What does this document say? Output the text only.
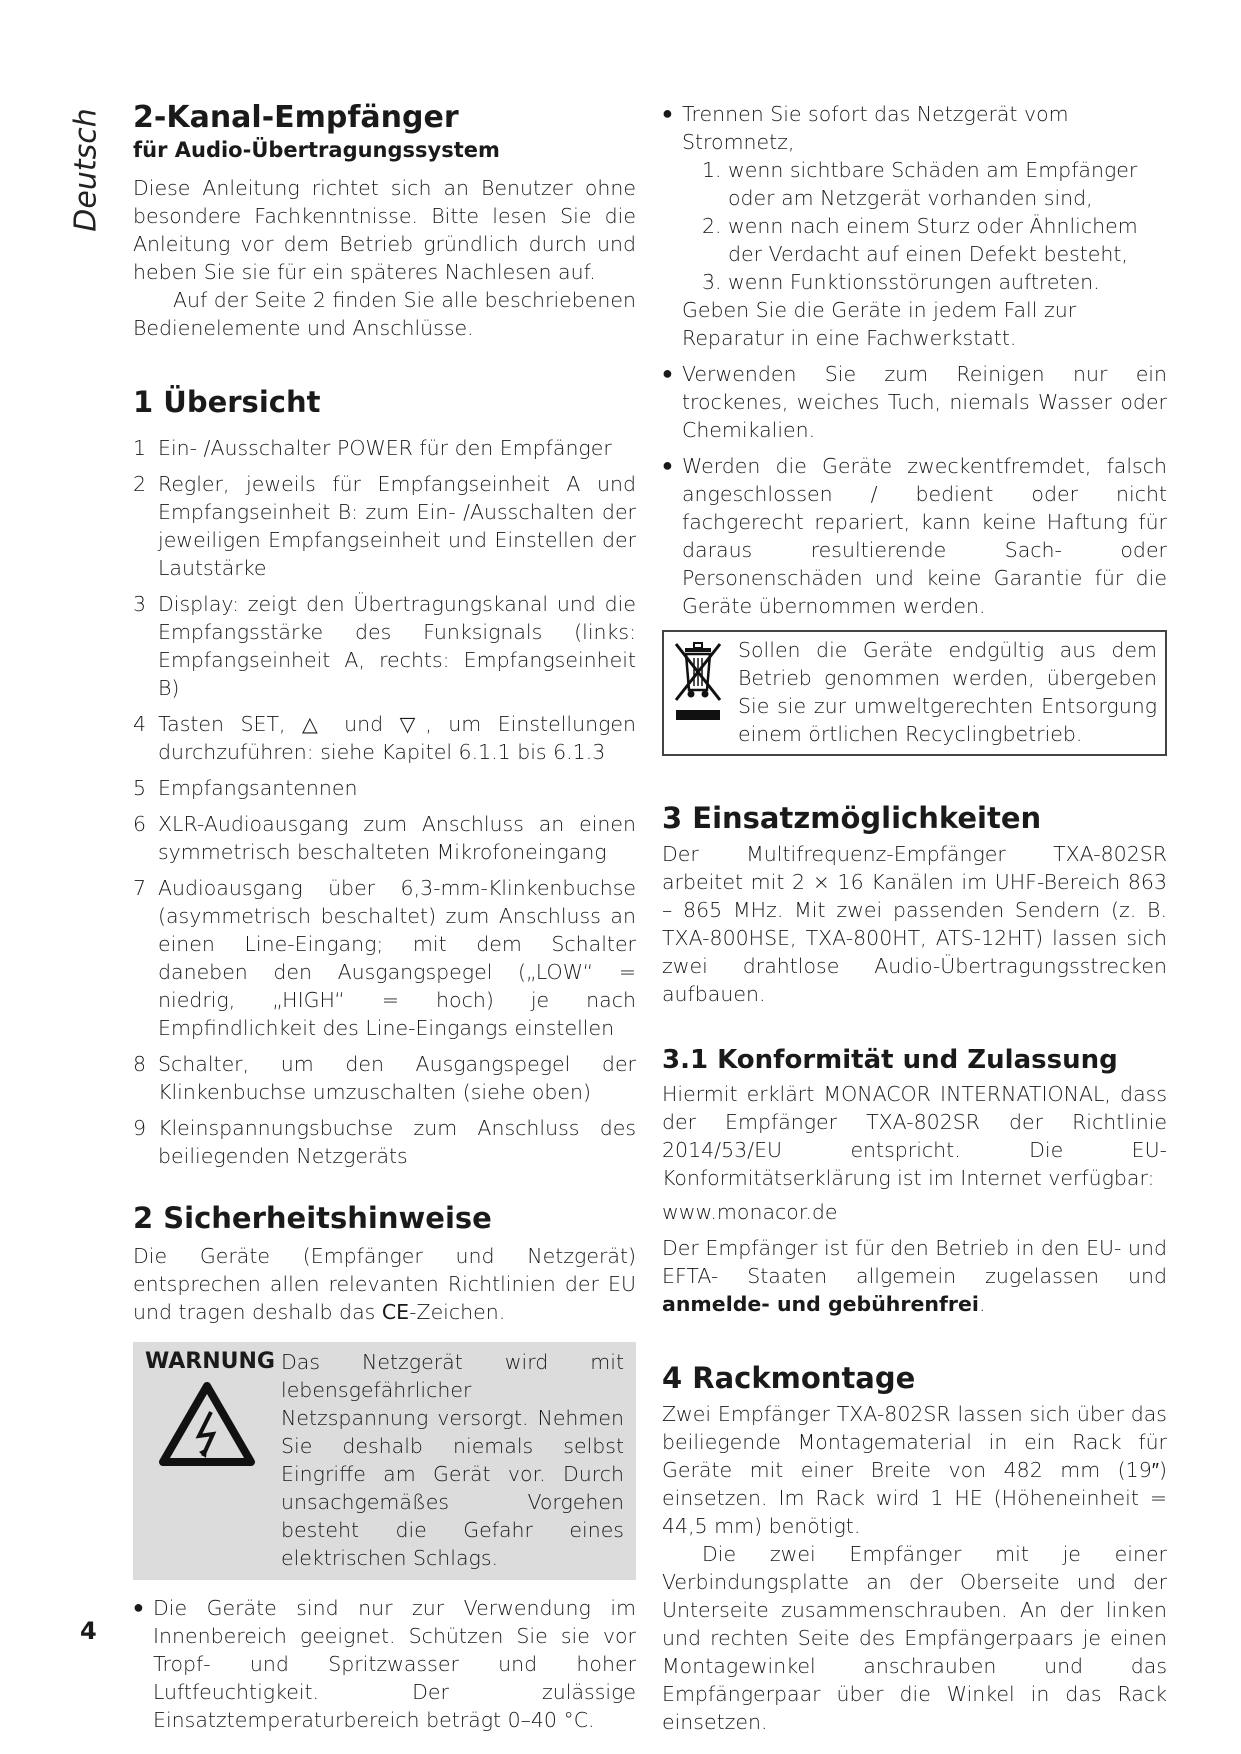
Deutsch 2-Kanal-Empfänger
für Audio-Übertragungssystem

Diese Anleitung richtet sich an Benutzer ohne besondere Fachkenntnisse. Bitte lesen Sie die Anleitung vor dem Betrieb gründlich durch und heben Sie sie für ein späteres Nachlesen auf.

Auf der Seite 2 finden Sie alle beschriebenen Bedienelemente und Anschlüsse.

1 Übersicht
1 Ein- /Ausschalter POWER für den Empfänger
2 Regler, jeweils für Empfangseinheit A und Empfangseinheit B: zum Ein- /Ausschalten der jeweiligen Empfangseinheit und Einstellen der Lautstärke
3 Display: zeigt den Übertragungskanal und die Empfangsstärke des Funksignals (links: Empfangseinheit A, rechts: Empfangseinheit B)
4 Tasten SET, △ und ▽, um Einstellungen durchzuführen: siehe Kapitel 6.1.1 bis 6.1.3
5 Empfangsantennen
6 XLR-Audioausgang zum Anschluss an einen symmetrisch beschalteten Mikrofoneingang
7 Audioausgang über 6,3-mm-Klinkenbuchse (asymmetrisch beschaltet) zum Anschluss an einen Line-Eingang; mit dem Schalter daneben den Ausgangspegel („LOW“ = niedrig, „HIGH“ = hoch) je nach Empfindlichkeit des Line-Eingangs einstellen
8 Schalter, um den Ausgangspegel der Klinkenbuchse umzuschalten (siehe oben)
9 Kleinspannungsbuchse zum Anschluss des beiliegenden Netzgeräts
2 Sicherheitshinweise

Die Geräte (Empfänger und Netzgerät) entsprechen allen relevanten Richtlinien der EU und tragen deshalb das CE-Zeichen.

WARNUNG Das Netzgerät wird mit lebensgefährlicher Netzspannung versorgt. Nehmen Sie deshalb niemals selbst Eingriffe am Gerät vor. Durch unsachgemäßes Vorgehen besteht die Gefahr eines elektrischen Schlags.
● Die Geräte sind nur zur Verwendung im Innenbereich geeignet. Schützen Sie sie vor Tropf- und Spritzwasser und hoher Luftfeuchtigkeit. Der zulässige Einsatztemperaturbereich beträgt 0–40 °C.
● Trennen Sie sofort das Netzgerät vom Stromnetz,
1. wenn sichtbare Schäden am Empfänger oder am Netzgerät vorhanden sind,
2. wenn nach einem Sturz oder Ähnlichem der Verdacht auf einen Defekt besteht,
3. wenn Funktionsstörungen auftreten.
Geben Sie die Geräte in jedem Fall zur Reparatur in eine Fachwerkstatt.
● Verwenden Sie zum Reinigen nur ein trockenes, weiches Tuch, niemals Wasser oder Chemikalien.
● Werden die Geräte zweckentfremdet, falsch angeschlossen / bedient oder nicht fachgerecht repariert, kann keine Haftung für daraus resultierende Sach- oder Personenschäden und keine Garantie für die Geräte übernommen werden.
Sollen die Geräte endgültig aus dem Betrieb genommen werden, übergeben Sie sie zur umweltgerechten Entsorgung einem örtlichen Recyclingbetrieb.
3 Einsatzmöglichkeiten

Der Multifrequenz-Empfänger TXA-802SR arbeitet mit 2 × 16 Kanälen im UHF-Bereich 863 – 865 MHz. Mit zwei passenden Sendern (z. B. TXA-800HSE, TXA-800HT, ATS-12HT) lassen sich zwei drahtlose Audio-Übertragungsstrecken aufbauen.

3.1 Konformität und Zulassung

Hiermit erklärt MONACOR INTERNATIONAL, dass der Empfänger TXA-802SR der Richtlinie 2014/53/EU entspricht. Die EU-Konformitätserklärung ist im Internet verfügbar:

www.monacor.de

Der Empfänger ist für den Betrieb in den EU- und EFTA- Staaten allgemein zugelassen und anmelde- und gebührenfrei.

4 Rackmontage

Zwei Empfänger TXA-802SR lassen sich über das beiliegende Montagematerial in ein Rack für Geräte mit einer Breite von 482 mm (19″) einsetzen. Im Rack wird 1 HE (Höheneinheit = 44,5 mm) benötigt.

Die zwei Empfänger mit je einer Verbindungsplatte an der Oberseite und der Unterseite zusammenschrauben. An der linken und rechten Seite des Empfängerpaars je einen Montagewinkel anschrauben und das Empfängerpaar über die Winkel in das Rack einsetzen.

4
